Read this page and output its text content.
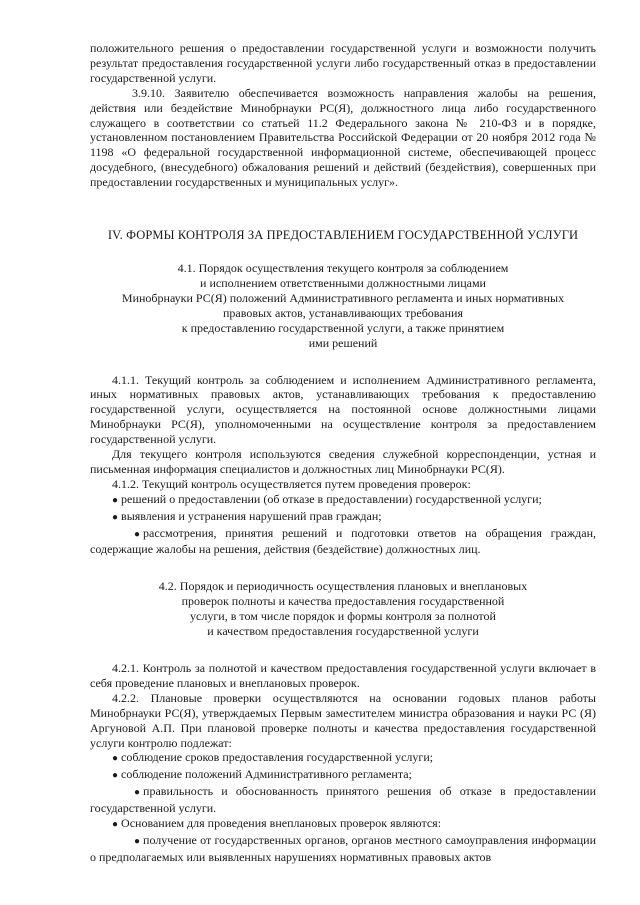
положительного решения о предоставлении государственной услуги и возможности получить результат предоставления государственной услуги либо государственный отказ в предоставлении государственной услуги.

3.9.10. Заявителю обеспечивается возможность направления жалобы на решения, действия или бездействие Минобрнауки РС(Я), должностного лица либо государственного служащего в соответствии со статьей 11.2 Федерального закона № 210-ФЗ и в порядке, установленном постановлением Правительства Российской Федерации от 20 ноября 2012 года № 1198 «О федеральной государственной информационной системе, обеспечивающей процесс досудебного, (внесудебного) обжалования решений и действий (бездействия), совершенных при предоставлении государственных и муниципальных услуг».

IV. ФОРМЫ КОНТРОЛЯ ЗА ПРЕДОСТАВЛЕНИЕМ ГОСУДАРСТВЕННОЙ УСЛУГИ

4.1. Порядок осуществления текущего контроля за соблюдением
и исполнением ответственными должностными лицами
Минобрнауки РС(Я) положений Административного регламента и иных нормативных
правовых актов, устанавливающих требования
к предоставлению государственной услуги, а также принятием
ими решений

4.1.1. Текущий контроль за соблюдением и исполнением Административного регламента, иных нормативных правовых актов, устанавливающих требования к предоставлению государственной услуги, осуществляется на постоянной основе должностными лицами Минобрнауки РС(Я), уполномоченными на осуществление контроля за предоставлением государственной услуги.

Для текущего контроля используются сведения служебной корреспонденции, устная и письменная информация специалистов и должностных лиц Минобрнауки РС(Я).

4.1.2. Текущий контроль осуществляется путем проведения проверок:

● решений о предоставлении (об отказе в предоставлении) государственной услуги;

● выявления и устранения нарушений прав граждан;

● рассмотрения, принятия решений и подготовки ответов на обращения граждан, содержащие жалобы на решения, действия (бездействие) должностных лиц.

4.2. Порядок и периодичность осуществления плановых и внеплановых
проверок полноты и качества предоставления государственной
услуги, в том числе порядок и формы контроля за полнотой
и качеством предоставления государственной услуги

4.2.1. Контроль за полнотой и качеством предоставления государственной услуги включает в себя проведение плановых и внеплановых проверок.

4.2.2. Плановые проверки осуществляются на основании годовых планов работы Минобрнауки РС(Я), утверждаемых Первым заместителем министра образования и науки РС (Я) Аргуновой А.П. При плановой проверке полноты и качества предоставления государственной услуги контролю подлежат:

● соблюдение сроков предоставления государственной услуги;

● соблюдение положений Административного регламента;

● правильность и обоснованность принятого решения об отказе в предоставлении государственной услуги.

● Основанием для проведения внеплановых проверок являются:

● получение от государственных органов, органов местного самоуправления информации о предполагаемых или выявленных нарушениях нормативных правовых актов
